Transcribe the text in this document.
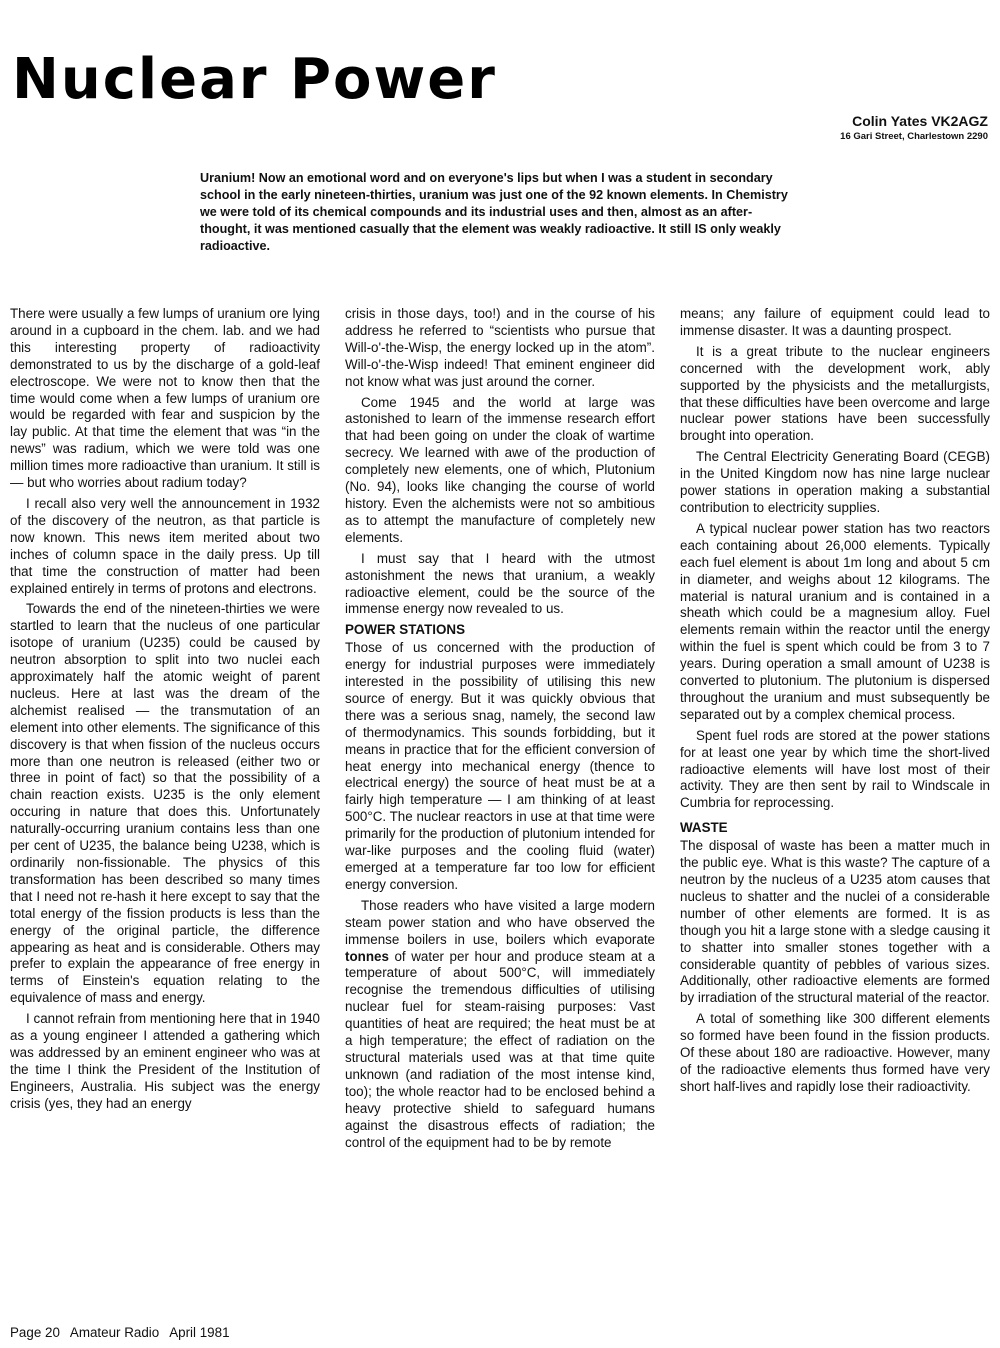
Nuclear Power
Colin Yates VK2AGZ
16 Gari Street, Charlestown 2290

Uranium! Now an emotional word and on everyone's lips but when I was a student in secondary school in the early nineteen-thirties, uranium was just one of the 92 known elements. In Chemistry we were told of its chemical compounds and its industrial uses and then, almost as an after-thought, it was mentioned casually that the element was weakly radioactive. It still IS only weakly radioactive.

There were usually a few lumps of uranium ore lying around in a cupboard in the chem. lab. and we had this interesting property of radioactivity demonstrated to us by the discharge of a gold-leaf electroscope. We were not to know then that the time would come when a few lumps of uranium ore would be regarded with fear and suspicion by the lay public. At that time the element that was “in the news” was radium, which we were told was one million times more radioactive than uranium. It still is — but who worries about radium today?

I recall also very well the announcement in 1932 of the discovery of the neutron, as that particle is now known. This news item merited about two inches of column space in the daily press. Up till that time the construction of matter had been explained entirely in terms of protons and electrons.

Towards the end of the nineteen-thirties we were startled to learn that the nucleus of one particular isotope of uranium (U235) could be caused by neutron absorption to split into two nuclei each approximately half the atomic weight of parent nucleus. Here at last was the dream of the alchemist realised — the transmutation of an element into other elements. The significance of this discovery is that when fission of the nucleus occurs more than one neutron is released (either two or three in point of fact) so that the possibility of a chain reaction exists. U235 is the only element occuring in nature that does this. Unfortunately naturally-occurring uranium contains less than one per cent of U235, the balance being U238, which is ordinarily non-fissionable. The physics of this transformation has been described so many times that I need not re-hash it here except to say that the total energy of the fission products is less than the energy of the original particle, the difference appearing as heat and is considerable. Others may prefer to explain the appearance of free energy in terms of Einstein's equation relating to the equivalence of mass and energy.

I cannot refrain from mentioning here that in 1940 as a young engineer I attended a gathering which was addressed by an eminent engineer who was at the time I think the President of the Institution of Engineers, Australia. His subject was the energy crisis (yes, they had an energy

crisis in those days, too!) and in the course of his address he referred to “scientists who pursue that Will-o'-the-Wisp, the energy locked up in the atom”. Will-o'-the-Wisp indeed! That eminent engineer did not know what was just around the corner.

Come 1945 and the world at large was astonished to learn of the immense research effort that had been going on under the cloak of wartime secrecy. We learned with awe of the production of completely new elements, one of which, Plutonium (No. 94), looks like changing the course of world history. Even the alchemists were not so ambitious as to attempt the manufacture of completely new elements.

I must say that I heard with the utmost astonishment the news that uranium, a weakly radioactive element, could be the source of the immense energy now revealed to us.

POWER STATIONS

Those of us concerned with the production of energy for industrial purposes were immediately interested in the possibility of utilising this new source of energy. But it was quickly obvious that there was a serious snag, namely, the second law of thermodynamics. This sounds forbidding, but it means in practice that for the efficient conversion of heat energy into mechanical energy (thence to electrical energy) the source of heat must be at a fairly high temperature — I am thinking of at least 500°C. The nuclear reactors in use at that time were primarily for the production of plutonium intended for war-like purposes and the cooling fluid (water) emerged at a temperature far too low for efficient energy conversion.

Those readers who have visited a large modern steam power station and who have observed the immense boilers in use, boilers which evaporate tonnes of water per hour and produce steam at a temperature of about 500°C, will immediately recognise the tremendous difficulties of utilising nuclear fuel for steam-raising purposes: Vast quantities of heat are required; the heat must be at a high temperature; the effect of radiation on the structural materials used was at that time quite unknown (and radiation of the most intense kind, too); the whole reactor had to be enclosed behind a heavy protective shield to safeguard humans against the disastrous effects of radiation; the control of the equipment had to be by remote

means; any failure of equipment could lead to immense disaster. It was a daunting prospect.

It is a great tribute to the nuclear engineers concerned with the development work, ably supported by the physicists and the metallurgists, that these difficulties have been overcome and large nuclear power stations have been successfully brought into operation.

The Central Electricity Generating Board (CEGB) in the United Kingdom now has nine large nuclear power stations in operation making a substantial contribution to electricity supplies.

A typical nuclear power station has two reactors each containing about 26,000 elements. Typically each fuel element is about 1m long and about 5 cm in diameter, and weighs about 12 kilograms. The material is natural uranium and is contained in a sheath which could be a magnesium alloy. Fuel elements remain within the reactor until the energy within the fuel is spent which could be from 3 to 7 years. During operation a small amount of U238 is converted to plutonium. The plutonium is dispersed throughout the uranium and must subsequently be separated out by a complex chemical process.

Spent fuel rods are stored at the power stations for at least one year by which time the short-lived radioactive elements will have lost most of their activity. They are then sent by rail to Windscale in Cumbria for reprocessing.

WASTE

The disposal of waste has been a matter much in the public eye. What is this waste? The capture of a neutron by the nucleus of a U235 atom causes that nucleus to shatter and the nuclei of a considerable number of other elements are formed. It is as though you hit a large stone with a sledge causing it to shatter into smaller stones together with a considerable quantity of pebbles of various sizes. Additionally, other radioactive elements are formed by irradiation of the structural material of the reactor.

A total of something like 300 different elements so formed have been found in the fission products. Of these about 180 are radioactive. However, many of the radioactive elements thus formed have very short half-lives and rapidly lose their radioactivity.

Page 20 Amateur Radio April 1981
